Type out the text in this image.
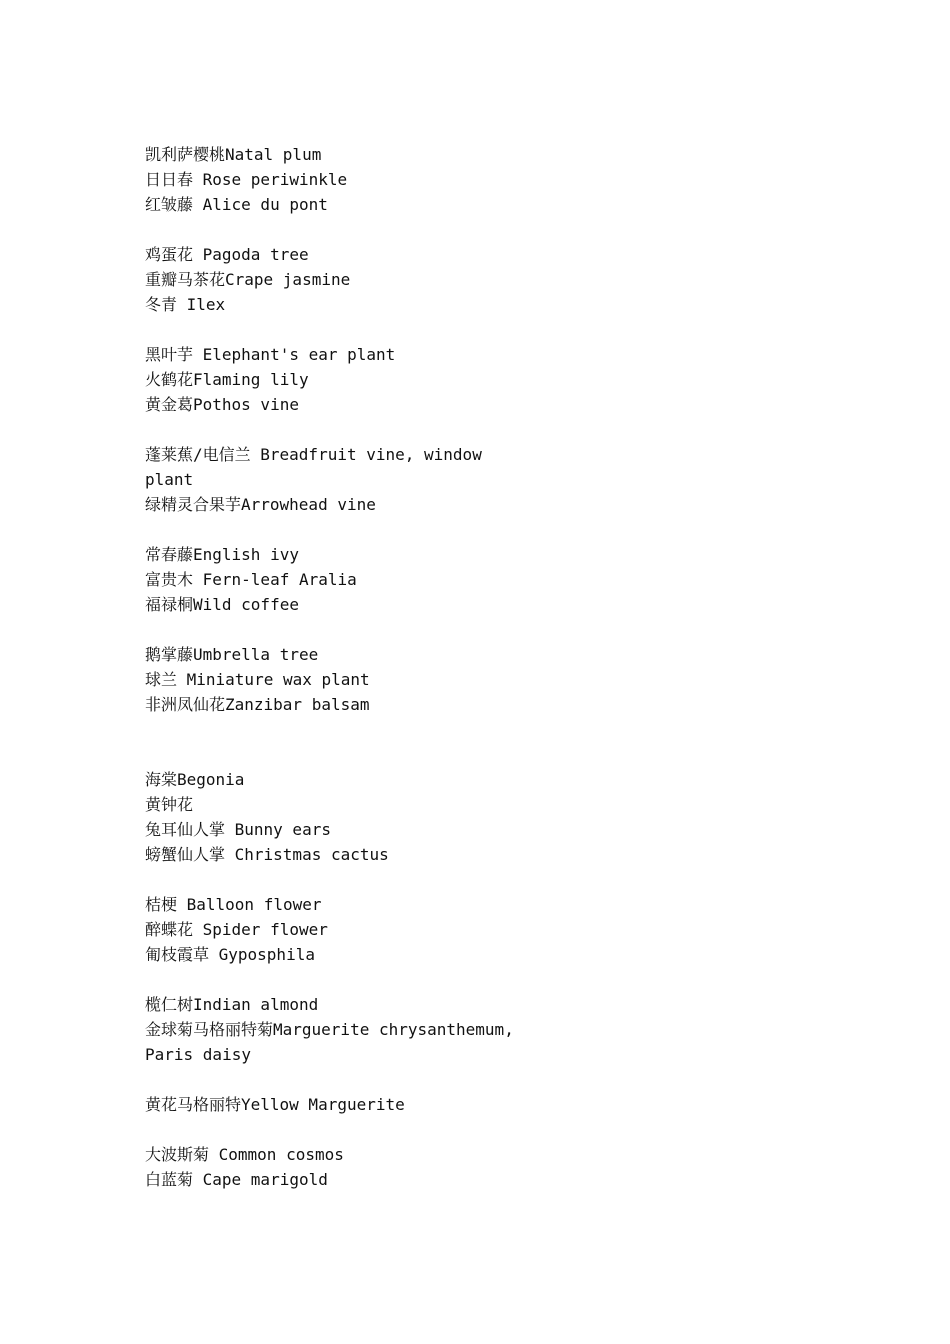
凯利萨樱桃Natal plum
日日春 Rose periwinkle
红皱藤 Alice du pont
鸡蛋花 Pagoda tree
重瓣马茶花Crape jasmine
冬青 Ilex
黑叶芋 Elephant's ear plant
火鹤花Flaming lily
黄金葛Pothos vine
蓬莱蕉/电信兰 Breadfruit vine, window
plant
绿精灵合果芋Arrowhead vine
常春藤English ivy
富贵木 Fern-leaf Aralia
福禄桐Wild coffee
鹅掌藤Umbrella tree
球兰 Miniature wax plant
非洲凤仙花Zanzibar balsam
海棠Begonia
黄钟花
兔耳仙人掌 Bunny ears
螃蟹仙人掌 Christmas cactus
桔梗 Balloon flower
醉蝶花 Spider flower
匍枝霞草 Gyposphila
榄仁树Indian almond
金球菊马格丽特菊Marguerite chrysanthemum,
Paris daisy
黄花马格丽特Yellow Marguerite
大波斯菊 Common cosmos
白蓝菊 Cape marigold
